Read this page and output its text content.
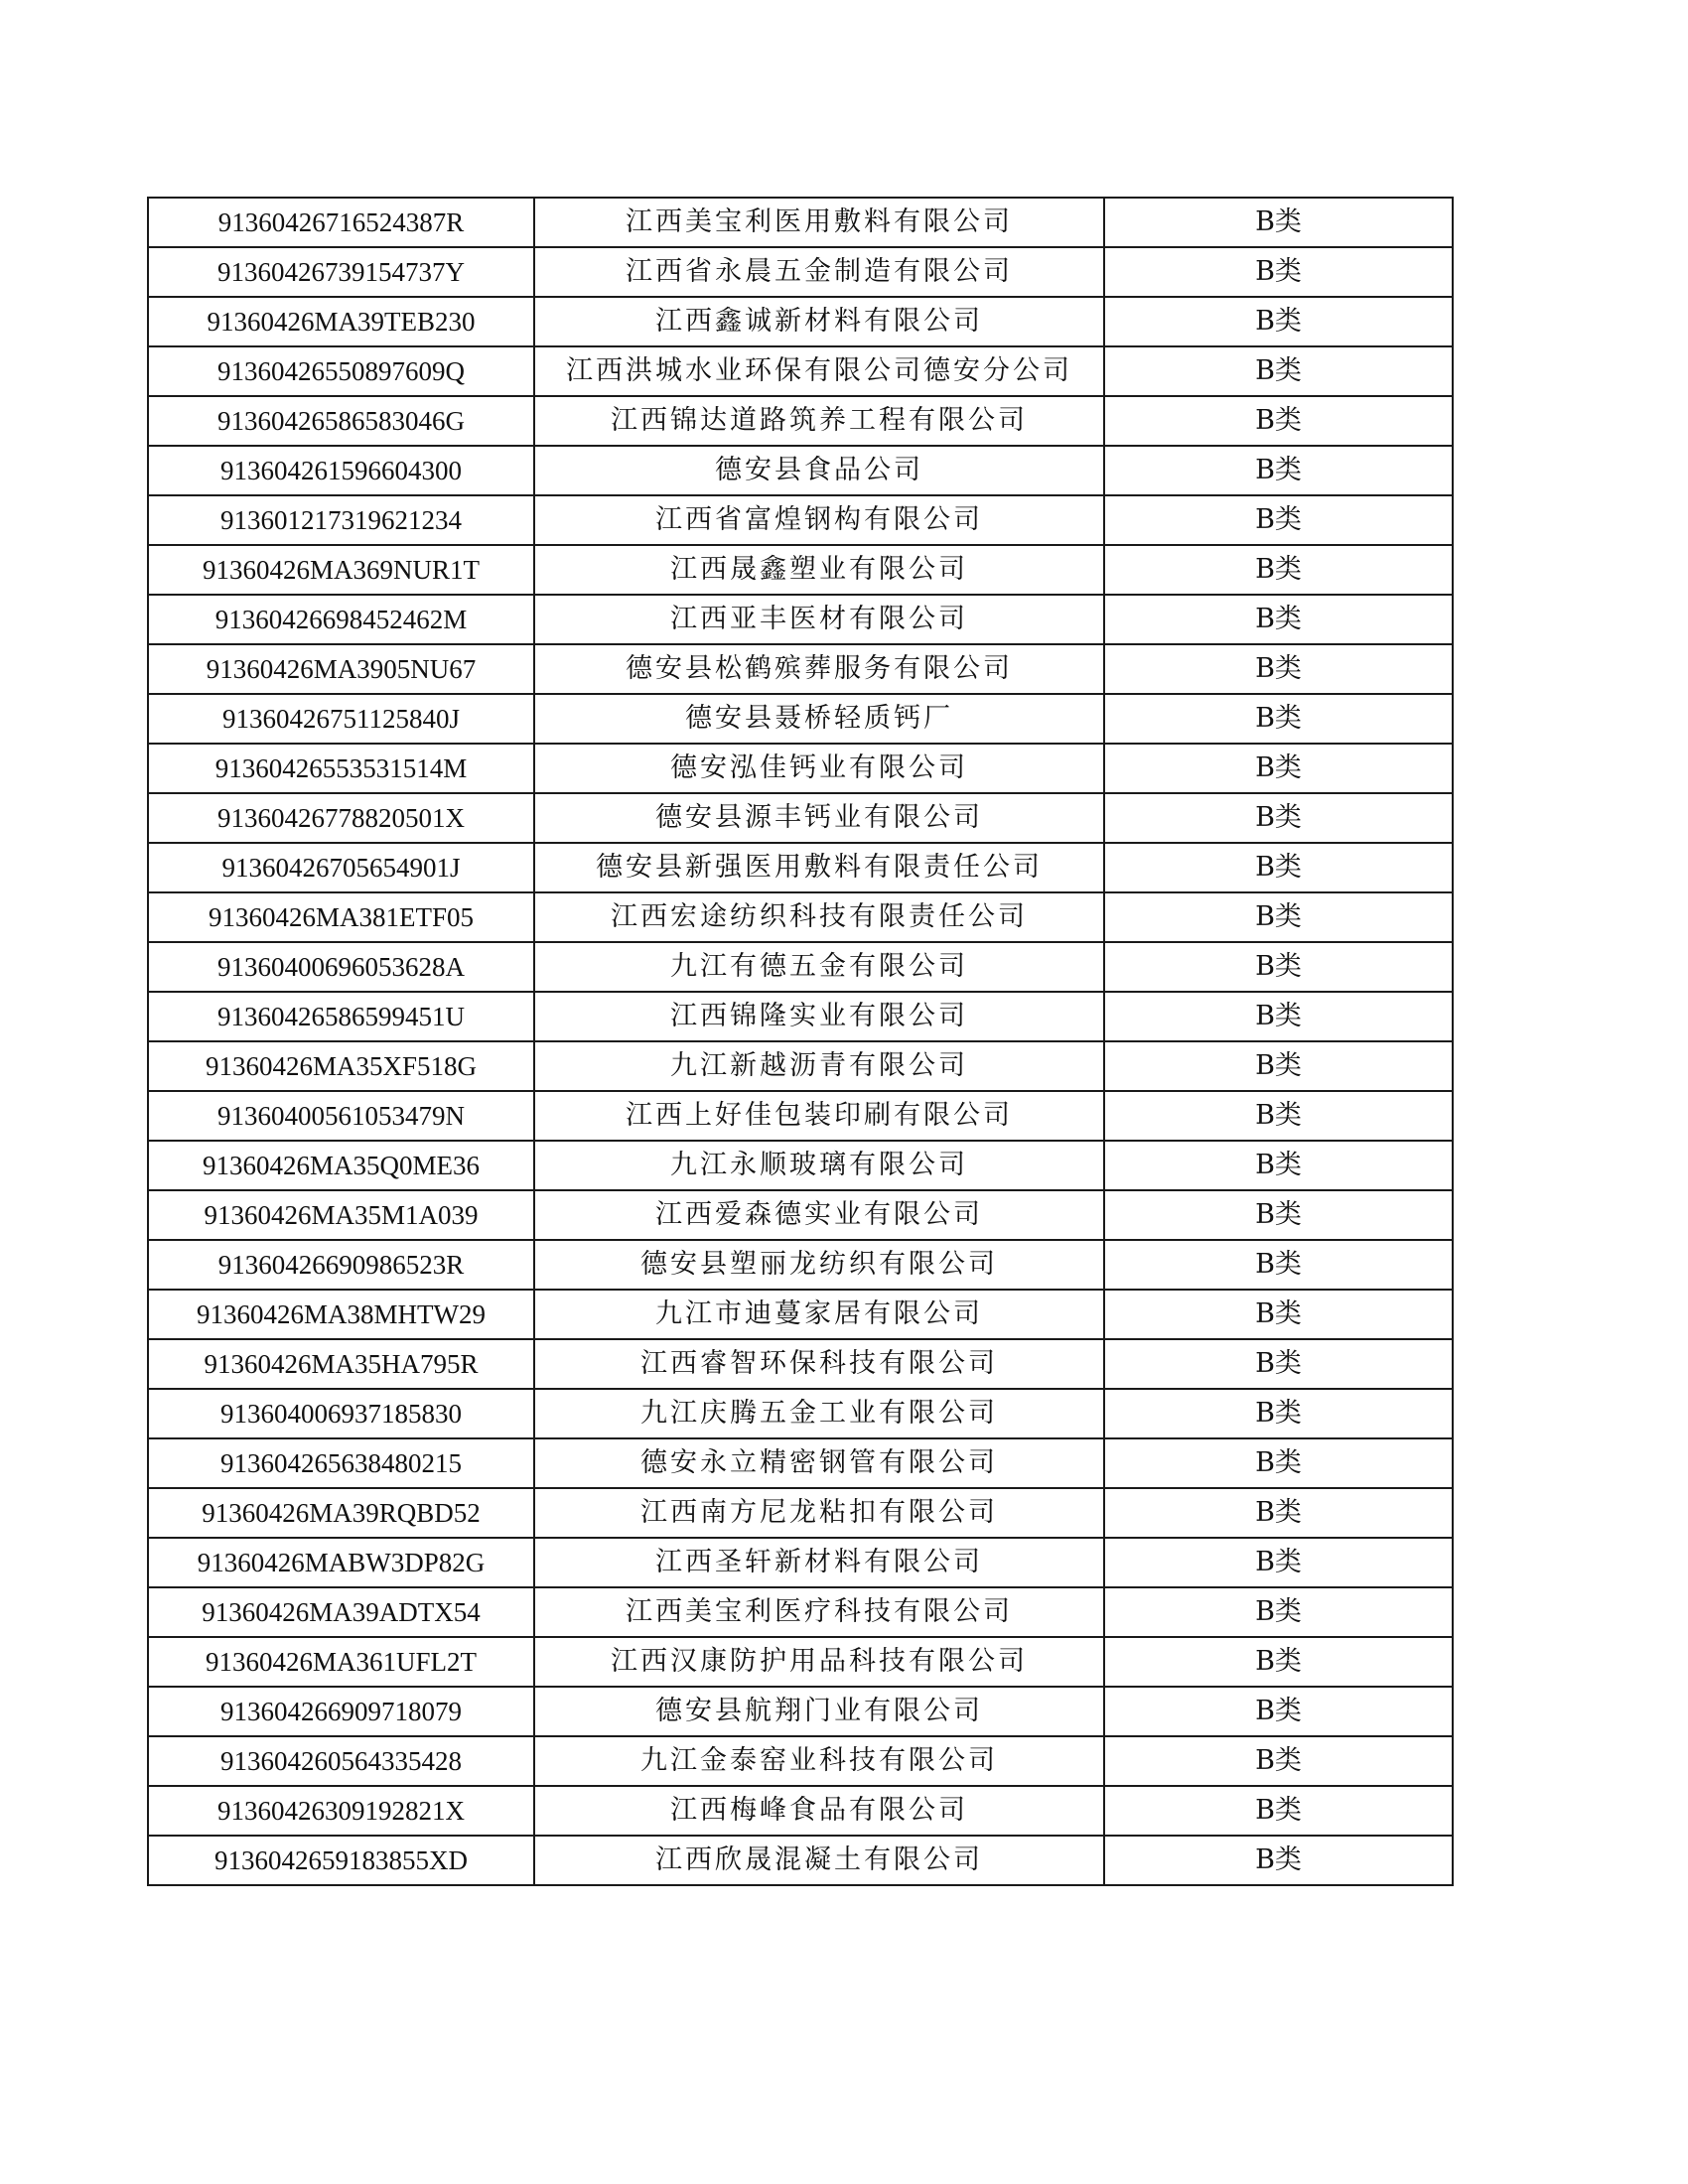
91360426716524387R	江西美宝利医用敷料有限公司	B类
91360426739154737Y	江西省永晨五金制造有限公司	B类
91360426MA39TEB230	江西鑫诚新材料有限公司	B类
91360426550897609Q	江西洪城水业环保有限公司德安分公司	B类
91360426586583046G	江西锦达道路筑养工程有限公司	B类
913604261596604300	德安县食品公司	B类
913601217319621234	江西省富煌钢构有限公司	B类
91360426MA369NUR1T	江西晟鑫塑业有限公司	B类
91360426698452462M	江西亚丰医材有限公司	B类
91360426MA3905NU67	德安县松鹤殡葬服务有限公司	B类
91360426751125840J	德安县聂桥轻质钙厂	B类
91360426553531514M	德安泓佳钙业有限公司	B类
91360426778820501X	德安县源丰钙业有限公司	B类
91360426705654901J	德安县新强医用敷料有限责任公司	B类
91360426MA381ETF05	江西宏途纺织科技有限责任公司	B类
91360400696053628A	九江有德五金有限公司	B类
91360426586599451U	江西锦隆实业有限公司	B类
91360426MA35XF518G	九江新越沥青有限公司	B类
91360400561053479N	江西上好佳包装印刷有限公司	B类
91360426MA35Q0ME36	九江永顺玻璃有限公司	B类
91360426MA35M1A039	江西爱森德实业有限公司	B类
91360426690986523R	德安县塑丽龙纺织有限公司	B类
91360426MA38MHTW29	九江市迪蔓家居有限公司	B类
91360426MA35HA795R	江西睿智环保科技有限公司	B类
913604006937185830	九江庆腾五金工业有限公司	B类
913604265638480215	德安永立精密钢管有限公司	B类
91360426MA39RQBD52	江西南方尼龙粘扣有限公司	B类
91360426MABW3DP82G	江西圣轩新材料有限公司	B类
91360426MA39ADTX54	江西美宝利医疗科技有限公司	B类
91360426MA361UFL2T	江西汉康防护用品科技有限公司	B类
913604266909718079	德安县航翔门业有限公司	B类
913604260564335428	九江金泰窑业科技有限公司	B类
91360426309192821X	江西梅峰食品有限公司	B类
9136042659183855XD	江西欣晟混凝土有限公司	B类
